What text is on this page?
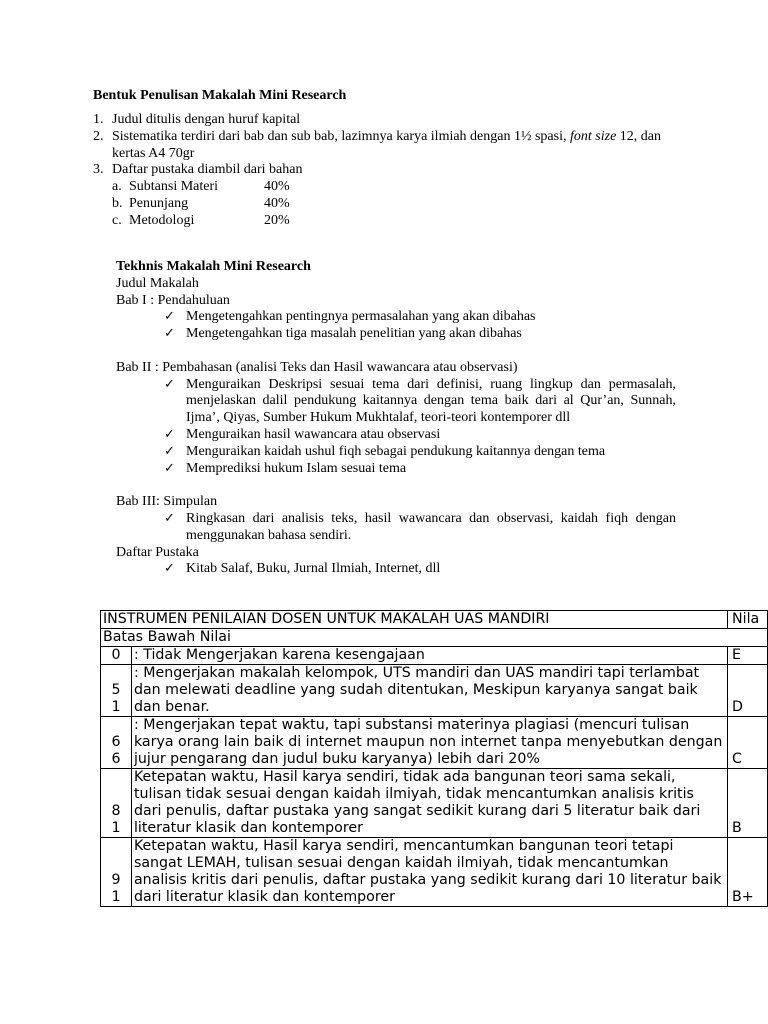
Bentuk Penulisan Makalah Mini Research
1. Judul ditulis dengan huruf kapital
2. Sistematika terdiri dari bab dan sub bab, lazimnya karya ilmiah dengan 1½ spasi, font size 12, dan kertas A4 70gr
3. Daftar pustaka diambil dari bahan
a. Subtansi Materi	40%
b. Penunjang	40%
c. Metodologi	20%
Tekhnis Makalah Mini Research
Judul Makalah
Bab I : Pendahuluan
✓ Mengetengahkan pentingnya permasalahan yang akan dibahas
✓ Mengetengahkan tiga masalah penelitian yang akan dibahas
Bab II : Pembahasan (analisi Teks dan Hasil wawancara atau observasi)
✓ Menguraikan Deskripsi sesuai tema dari definisi, ruang lingkup dan permasalah, menjelaskan dalil pendukung kaitannya dengan tema baik dari al Qur’an, Sunnah, Ijma’, Qiyas, Sumber Hukum Mukhtalaf, teori-teori kontemporer dll
✓ Menguraikan hasil wawancara atau observasi
✓ Menguraikan kaidah ushul fiqh sebagai pendukung kaitannya dengan tema
✓ Memprediksi hukum Islam sesuai tema
Bab III: Simpulan
✓ Ringkasan dari analisis teks, hasil wawancara dan observasi, kaidah fiqh dengan menggunakan bahasa sendiri.
Daftar Pustaka
✓ Kitab Salaf, Buku, Jurnal Ilmiah, Internet, dll
INSTRUMEN PENILAIAN DOSEN UNTUK MAKALAH UAS MANDIRI		Nila
Batas Bawah Nilai		
0	: Tidak Mengerjakan karena kesengajaan	E
5
1	: Mengerjakan makalah kelompok, UTS mandiri dan UAS mandiri tapi terlambat dan melewati deadline yang sudah ditentukan, Meskipun karyanya sangat baik dan benar.	D
6
6	: Mengerjakan tepat waktu, tapi substansi materinya plagiasi (mencuri tulisan karya orang lain baik di internet maupun non internet tanpa menyebutkan dengan jujur pengarang dan judul buku karyanya) lebih dari 20%	C
8
1	Ketepatan waktu, Hasil karya sendiri, tidak ada bangunan teori sama sekali, tulisan tidak sesuai dengan kaidah ilmiyah, tidak mencantumkan analisis kritis dari penulis, daftar pustaka yang sangat sedikit kurang dari 5 literatur baik dari literatur klasik dan kontemporer	B
9
1	Ketepatan waktu, Hasil karya sendiri, mencantumkan bangunan teori tetapi sangat LEMAH, tulisan sesuai dengan kaidah ilmiyah, tidak mencantumkan analisis kritis dari penulis, daftar pustaka yang sedikit kurang dari 10 literatur baik dari literatur klasik dan kontemporer	B+
